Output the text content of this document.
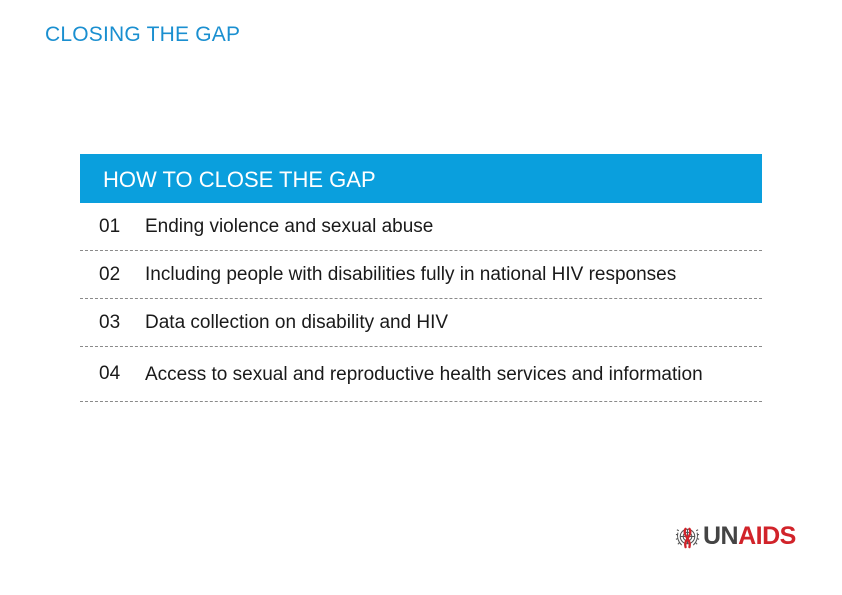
CLOSING THE GAP
HOW TO CLOSE THE GAP
01	Ending violence and sexual abuse
02	Including people with disabilities fully in national HIV responses
03	Data collection on disability and HIV
04	Access to sexual and reproductive health services and information
UN AIDS
